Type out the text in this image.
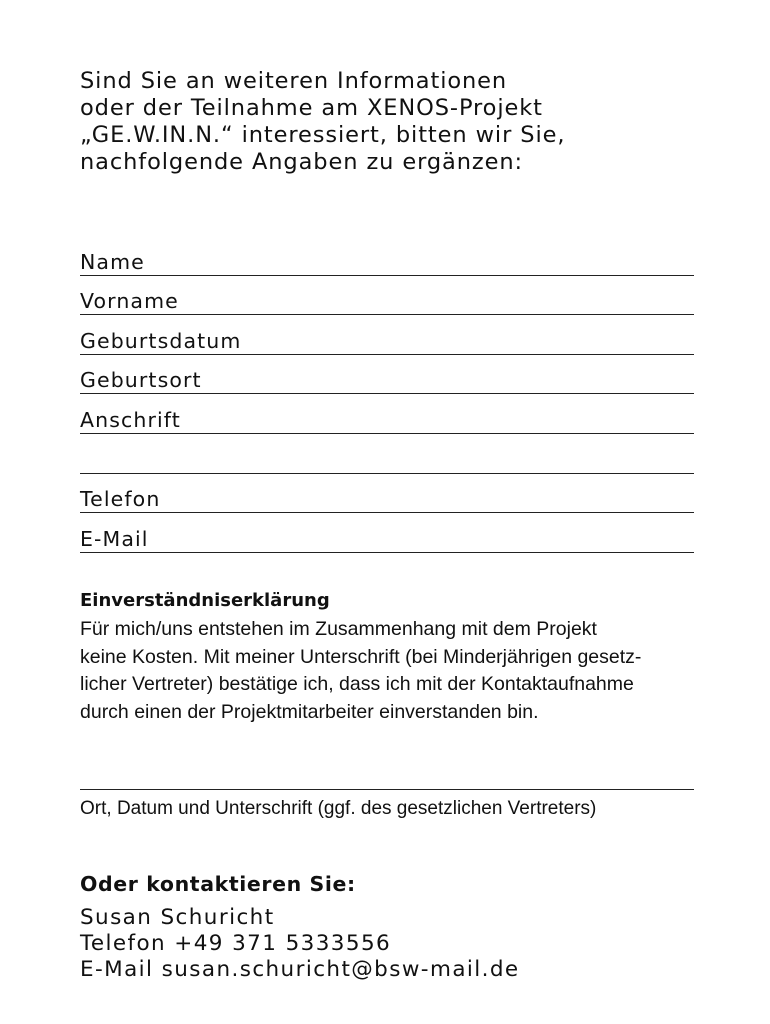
Sind Sie an weiteren Informationen
oder der Teilnahme am XENOS-Projekt
„GE.W.IN.N.“ interessiert, bitten wir Sie,
nachfolgende Angaben zu ergänzen:
Name
Vorname
Geburtsdatum
Geburtsort
Anschrift
Telefon
E-Mail
Einverständniserklärung

Für mich/uns entstehen im Zusammenhang mit dem Projekt
keine Kosten. Mit meiner Unterschrift (bei Minderjährigen gesetz-
licher Vertreter) bestätige ich, dass ich mit der Kontaktaufnahme
durch einen der Projektmitarbeiter einverstanden bin.

Ort, Datum und Unterschrift (ggf. des gesetzlichen Vertreters)
Oder kontaktieren Sie:
Susan Schuricht
Telefon +49 371 5333556
E-Mail susan.schuricht@bsw-mail.de
